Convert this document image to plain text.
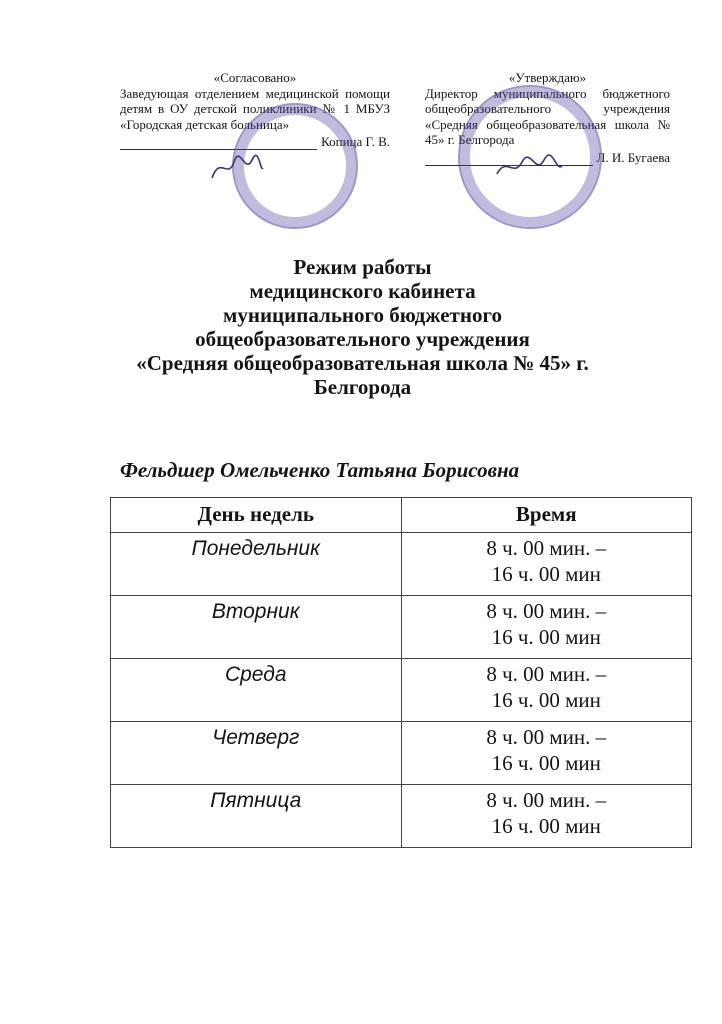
«Согласовано»
Заведующая отделением медицинской помощи детям в ОУ детской поликлиники № 1 МБУЗ «Городская детская больница»
Копица Г. В.
«Утверждаю»
Директор муниципального бюджетного общеобразовательного учреждения «Средняя общеобразовательная школа № 45» г. Белгорода
Л. И. Бугаева
Режим работы
медицинского кабинета
муниципального бюджетного
общеобразовательного учреждения
«Средняя общеобразовательная школа № 45» г.
Белгорода
Фельдшер Омельченко Татьяна Борисовна
День недель	Время
Понедельник	8 ч. 00 мин. –
16 ч. 00 мин

Вторник	8 ч. 00 мин. –
16 ч. 00 мин

Среда	8 ч. 00 мин. –
16 ч. 00 мин

Четверг	8 ч. 00 мин. –
16 ч. 00 мин

Пятница	8 ч. 00 мин. –
16 ч. 00 мин
